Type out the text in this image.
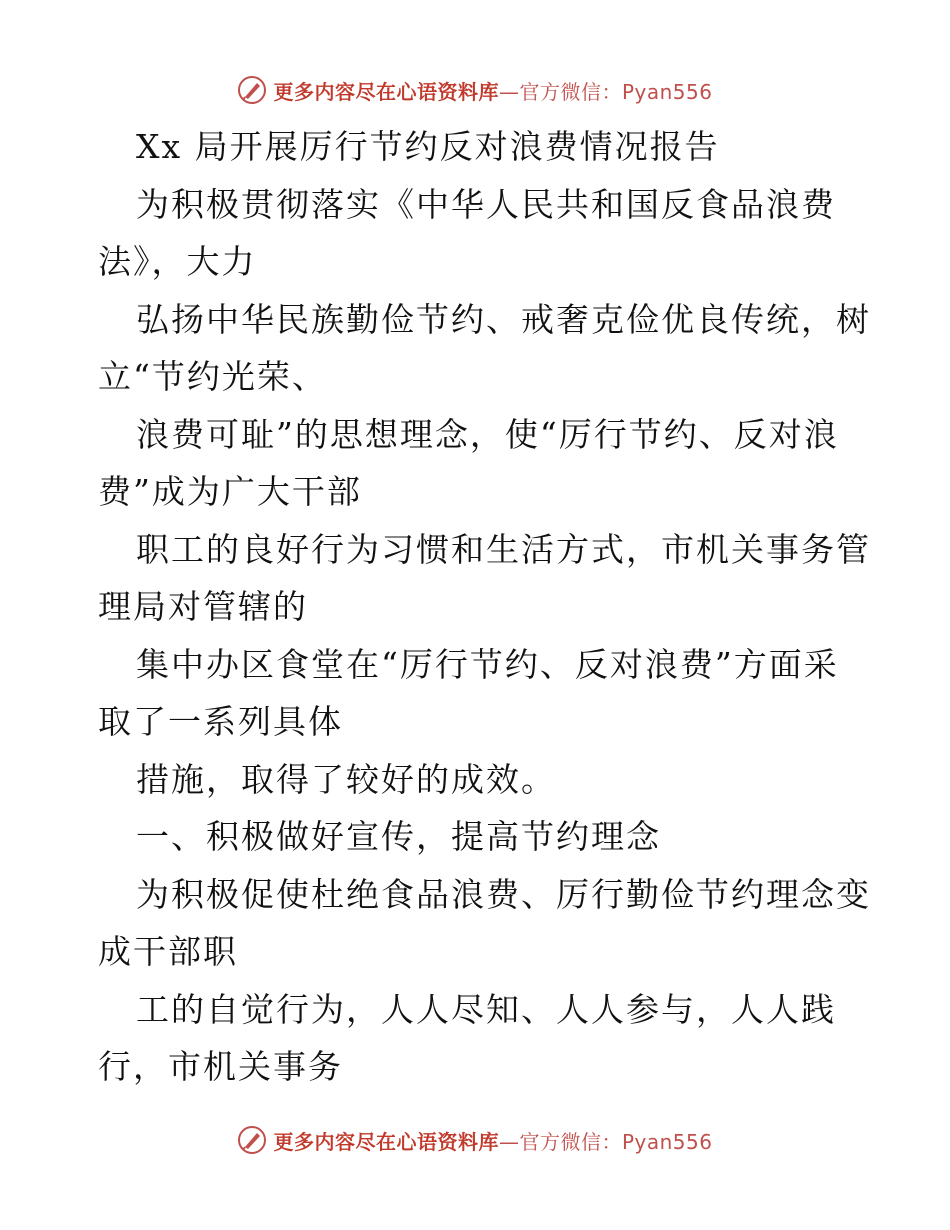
更多内容尽在心语资料库—官方微信：Pyan556
Xx 局开展厉行节约反对浪费情况报告
为积极贯彻落实《中华人民共和国反食品浪费
法》，大力
弘扬中华民族勤俭节约、戒奢克俭优良传统，树
立“节约光荣、
浪费可耻”的思想理念，使“厉行节约、反对浪
费”成为广大干部
职工的良好行为习惯和生活方式，市机关事务管
理局对管辖的
集中办区食堂在“厉行节约、反对浪费”方面采
取了一系列具体
措施，取得了较好的成效。
一、积极做好宣传，提高节约理念
为积极促使杜绝食品浪费、厉行勤俭节约理念变
成干部职
工的自觉行为，人人尽知、人人参与，人人践
行，市机关事务
更多内容尽在心语资料库—官方微信：Pyan556
